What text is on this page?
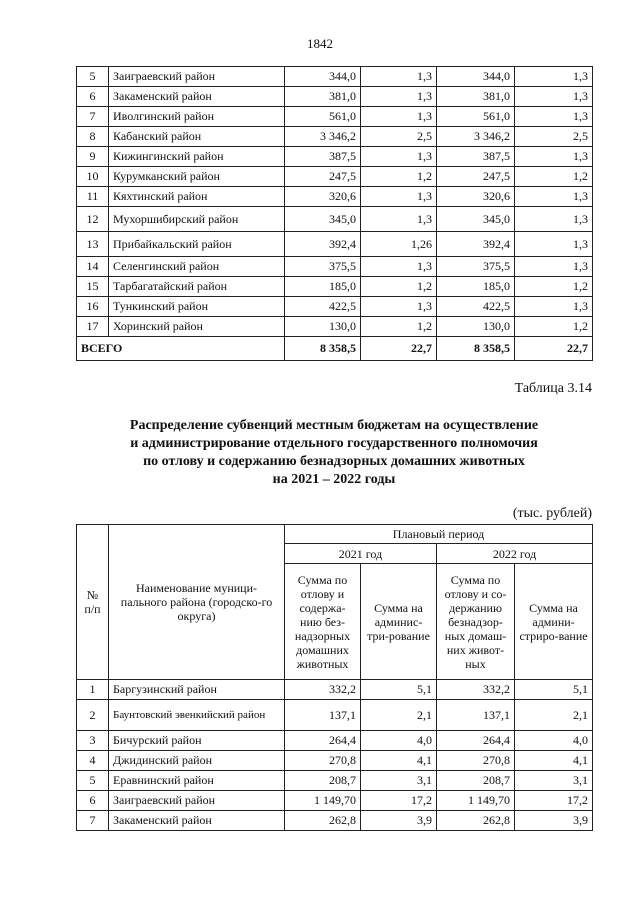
1842
5	Заиграевский район	344,0	1,3	344,0	1,3
6	Закаменский район	381,0	1,3	381,0	1,3
7	Иволгинский район	561,0	1,3	561,0	1,3
8	Кабанский район	3 346,2	2,5	3 346,2	2,5
9	Кижингинский район	387,5	1,3	387,5	1,3
10	Курумканский район	247,5	1,2	247,5	1,2
11	Кяхтинский район	320,6	1,3	320,6	1,3
12	Мухоршибирский район	345,0	1,3	345,0	1,3
13	Прибайкальский район	392,4	1,26	392,4	1,3
14	Селенгинский район	375,5	1,3	375,5	1,3
15	Тарбагатайский район	185,0	1,2	185,0	1,2
16	Тункинский район	422,5	1,3	422,5	1,3
17	Хоринский район	130,0	1,2	130,0	1,2
ВСЕГО		8 358,5	22,7	8 358,5	22,7
Таблица 3.14
Распределение субвенций местным бюджетам на осуществление
и администрирование отдельного государственного полномочия
по отлову и содержанию безнадзорных домашних животных
на 2021 – 2022 годы
(тыс. рублей)
№ п/п	Наименование муници-пального района (городско-го округа)	Плановый период			
		2021 год		2022 год	
		Сумма по отлову и содержа-нию без-надзорных домашних животных	Сумма на админис-три-рование	Сумма по отлову и со-держанию безнадзор-ных домаш-них живот-ных	Сумма на админи-стриро-вание
1	Баргузинский район	332,2	5,1	332,2	5,1
2	Баунтовский эвенкийский район	137,1	2,1	137,1	2,1
3	Бичурский район	264,4	4,0	264,4	4,0
4	Джидинский район	270,8	4,1	270,8	4,1
5	Еравнинский район	208,7	3,1	208,7	3,1
6	Заиграевский район	1 149,70	17,2	1 149,70	17,2
7	Закаменский район	262,8	3,9	262,8	3,9
